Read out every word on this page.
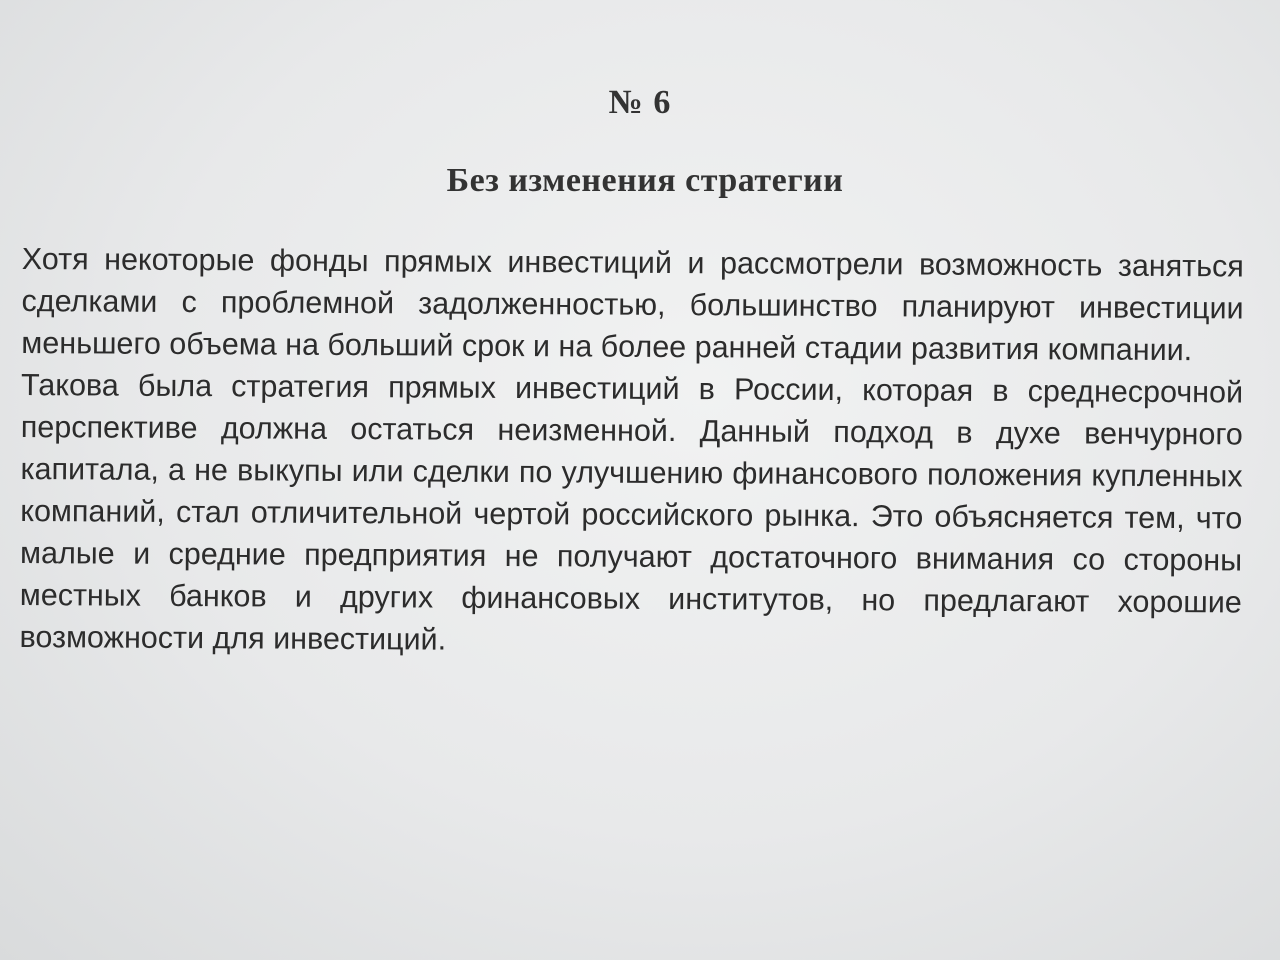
№ 6
Без изменения стратегии

Хотя некоторые фонды прямых инвестиций и рассмотрели возможность заняться сделками с проблемной задолженностью, большинство планируют инвестиции меньшего объема на больший срок и на более ранней стадии развития компании.

Такова была стратегия прямых инвестиций в России, которая в среднесрочной перспективе должна остаться неизменной. Данный подход в духе венчурного капитала, а не выкупы или сделки по улучшению финансового положения купленных компаний, стал отличительной чертой российского рынка. Это объясняется тем, что малые и средние предприятия не получают достаточного внимания со стороны местных банков и других финансовых институтов, но предлагают хорошие возможности для инвестиций.
